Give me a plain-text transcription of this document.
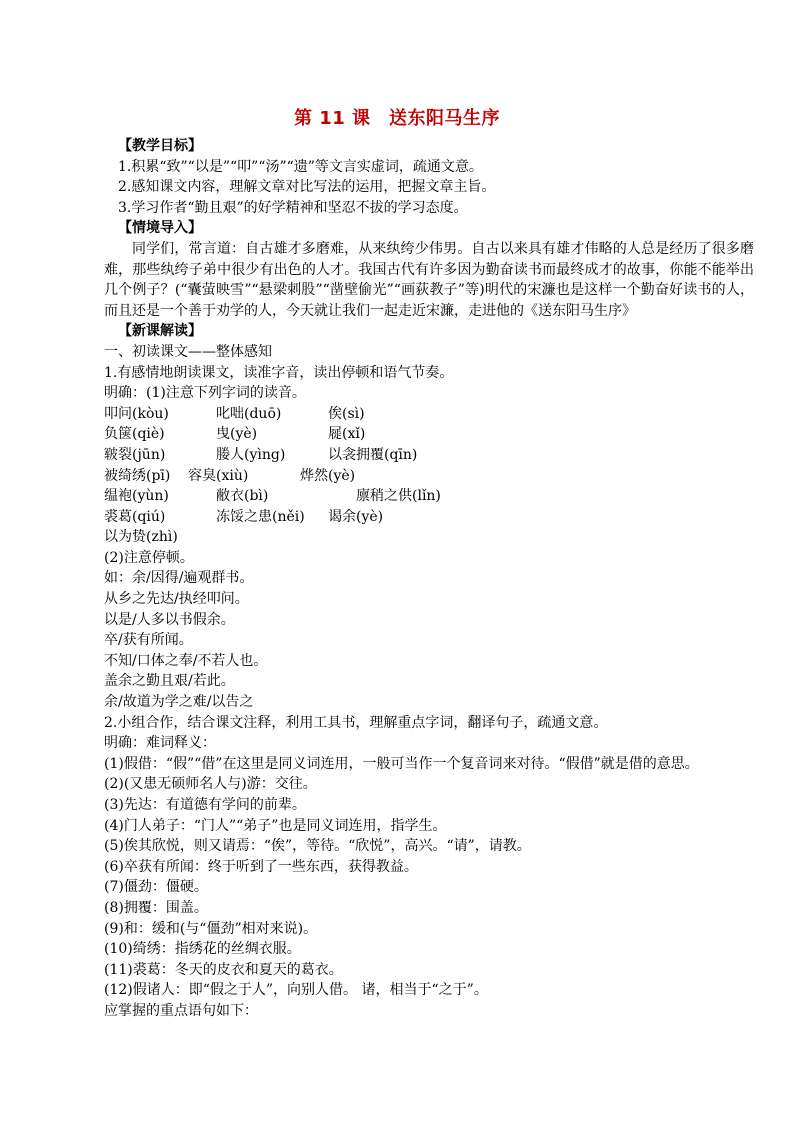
第 11 课　送东阳马生序
【教学目标】
1.积累“致”“以是”“叩”“汤”“遗”等文言实虚词，疏通文意。
2.感知课文内容，理解文章对比写法的运用，把握文章主旨。
3.学习作者“勤且艰”的好学精神和坚忍不拔的学习态度。
【情境导入】
同学们，常言道：自古雄才多磨难，从来纨绔少伟男。自古以来具有雄才伟略的人总是经历了很多磨难，那些纨绔子弟中很少有出色的人才。我国古代有许多因为勤奋读书而最终成才的故事，你能不能举出几个例子？(“囊萤映雪”“悬梁刺股”“凿壁偷光”“画荻教子”等)明代的宋濂也是这样一个勤奋好读书的人，而且还是一个善于劝学的人，今天就让我们一起走近宋濂，走进他的《送东阳马生序》
【新课解读】
一、初读课文——整体感知
1.有感情地朗读课文，读准字音，读出停顿和语气节奏。
明确：(1)注意下列字词的读音。
叩问(kòu)	叱咄(duō)	俟(sì)
负箧(qiè)	曳(yè)	屣(xǐ)
皲裂(jūn)	媵人(yìng)	以衾拥覆(qīn)
被绮绣(pī)	容臭(xiù)	烨然(yè)
缊袍(yùn)	敝衣(bì)	廪稍之供(lǐn)
裘葛(qiú)	冻馁之患(něi)	谒余(yè)
以为贽(zhì)
(2)注意停顿。
如：余/因得/遍观群书。
从乡之先达/执经叩问。
以是/人多以书假余。
卒/获有所闻。
不知/口体之奉/不若人也。
盖余之勤且艰/若此。
余/故道为学之难/以告之
2.小组合作，结合课文注释，利用工具书，理解重点字词，翻译句子，疏通文意。
明确：难词释义：
(1)假借：“假”“借”在这里是同义词连用，一般可当作一个复音词来对待。“假借”就是借的意思。
(2)(又患无硕师名人与)游：交往。
(3)先达：有道德有学问的前辈。
(4)门人弟子：“门人”“弟子”也是同义词连用，指学生。
(5)俟其欣悦，则又请焉：“俟”，等待。“欣悦”，高兴。“请”，请教。
(6)卒获有所闻：终于听到了一些东西，获得教益。
(7)僵劲：僵硬。
(8)拥覆：围盖。
(9)和：缓和(与“僵劲”相对来说)。
(10)绮绣：指绣花的丝绸衣服。
(11)裘葛：冬天的皮衣和夏天的葛衣。
(12)假诸人：即“假之于人”，向别人借。 诸，相当于“之于”。
应掌握的重点语句如下：
